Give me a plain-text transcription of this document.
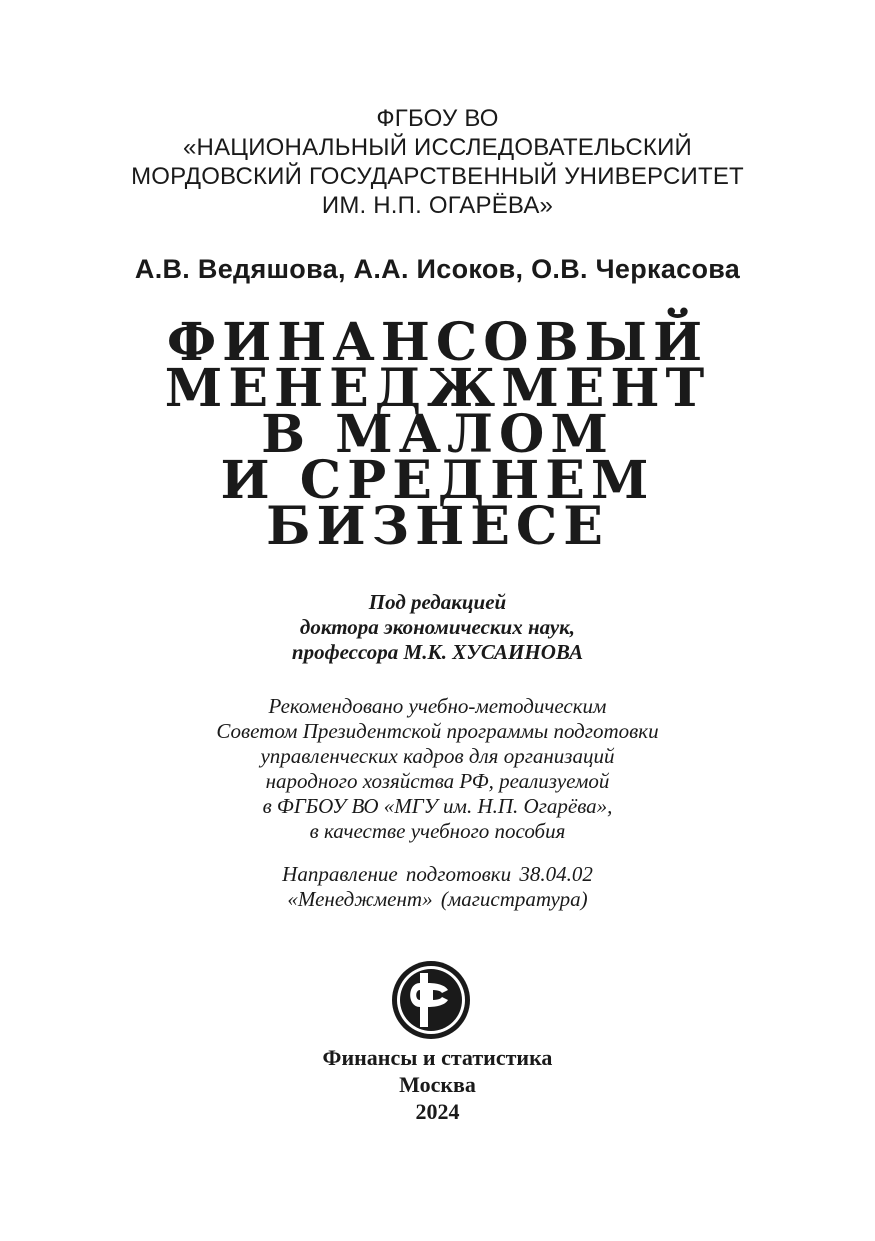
ФГБОУ ВО
«НАЦИОНАЛЬНЫЙ ИССЛЕДОВАТЕЛЬСКИЙ
МОРДОВСКИЙ ГОСУДАРСТВЕННЫЙ УНИВЕРСИТЕТ
ИМ. Н.П. ОГАРЁВА»
А.В. Ведяшова, А.А. Исоков, О.В. Черкасова
ФИНАНСОВЫЙ
МЕНЕДЖМЕНТ
В МАЛОМ
И СРЕДНЕМ
БИЗНЕСЕ
Под редакцией
доктора экономических наук,
профессора М.К. ХУСАИНОВА
Рекомендовано учебно-методическим
Советом Президентской программы подготовки
управленческих кадров для организаций
народного хозяйства РФ, реализуемой
в ФГБОУ ВО «МГУ им. Н.П. Огарёва»,
в качестве учебного пособия
Направление подготовки 38.04.02
«Менеджмент» (магистратура)
Финансы и статистика
Москва
2024
